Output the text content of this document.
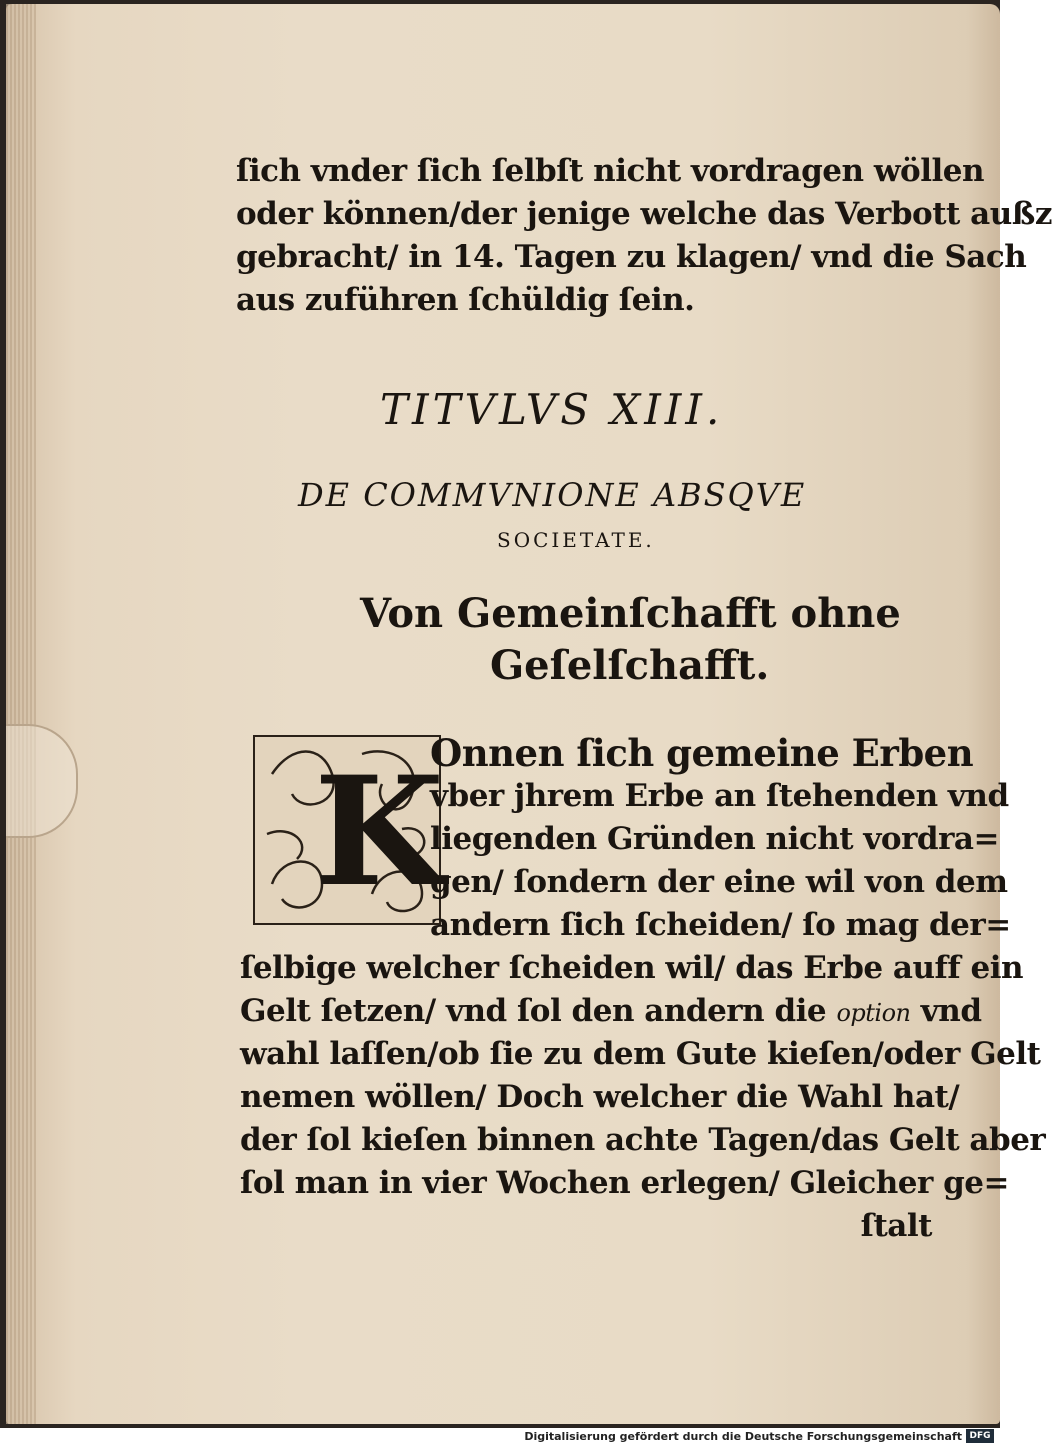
ſich vnder ſich ſelbſt nicht vordragen wöllen
oder können/der jenige welche das Verbott außz
gebracht/ in 14. Tagen zu klagen/ vnd die Sach
aus zuführen ſchüldig ſein.
TITVLVS XIII.
DE COMMVNIONE ABSQVE
SOCIETATE.
Von Gemeinſchafft ohne
Geſelſchafft.
K
Onnen ſich gemeine Erben
vber jhrem Erbe an ſtehenden vnd
liegenden Gründen nicht vordra=
gen/ ſondern der eine wil von dem
andern ſich ſcheiden/ ſo mag der=
ſelbige welcher ſcheiden wil/ das Erbe auff ein
Gelt ſetzen/ vnd ſol den andern die option vnd
wahl laſſen/ob ſie zu dem Gute kieſen/oder Gelt
nemen wöllen/ Doch welcher die Wahl hat/
der ſol kieſen binnen achte Tagen/das Gelt aber
ſol man in vier Wochen erlegen/ Gleicher ge=
ſtalt
Digitalisierung gefördert durch die Deutsche Forschungsgemeinschaft DFG
